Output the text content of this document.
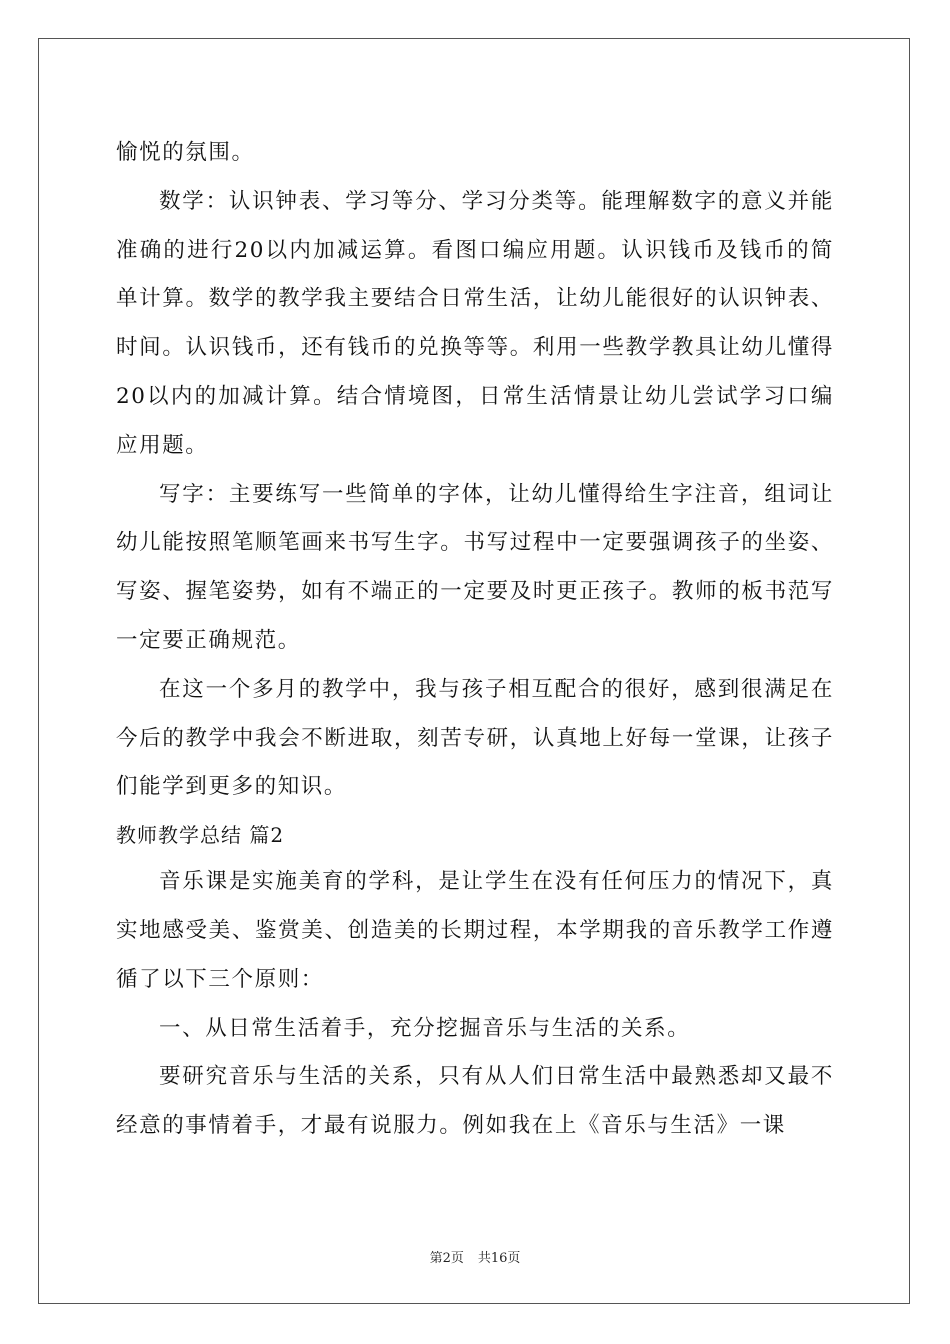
愉悦的氛围。

数学：认识钟表、学习等分、学习分类等。能理解数字的意义并能准确的进行20以内加减运算。看图口编应用题。认识钱币及钱币的简单计算。数学的教学我主要结合日常生活，让幼儿能很好的认识钟表、时间。认识钱币，还有钱币的兑换等等。利用一些教学教具让幼儿懂得20以内的加减计算。结合情境图，日常生活情景让幼儿尝试学习口编应用题。

写字：主要练写一些简单的字体，让幼儿懂得给生字注音，组词让幼儿能按照笔顺笔画来书写生字。书写过程中一定要强调孩子的坐姿、写姿、握笔姿势，如有不端正的一定要及时更正孩子。教师的板书范写一定要正确规范。

在这一个多月的教学中，我与孩子相互配合的很好，感到很满足在今后的教学中我会不断进取，刻苦专研，认真地上好每一堂课，让孩子们能学到更多的知识。

教师教学总结 篇2

音乐课是实施美育的学科，是让学生在没有任何压力的情况下，真实地感受美、鉴赏美、创造美的长期过程，本学期我的音乐教学工作遵循了以下三个原则：

一、从日常生活着手，充分挖掘音乐与生活的关系。

要研究音乐与生活的关系，只有从人们日常生活中最熟悉却又最不经意的事情着手，才最有说服力。例如我在上《音乐与生活》一课

第2页 共16页
